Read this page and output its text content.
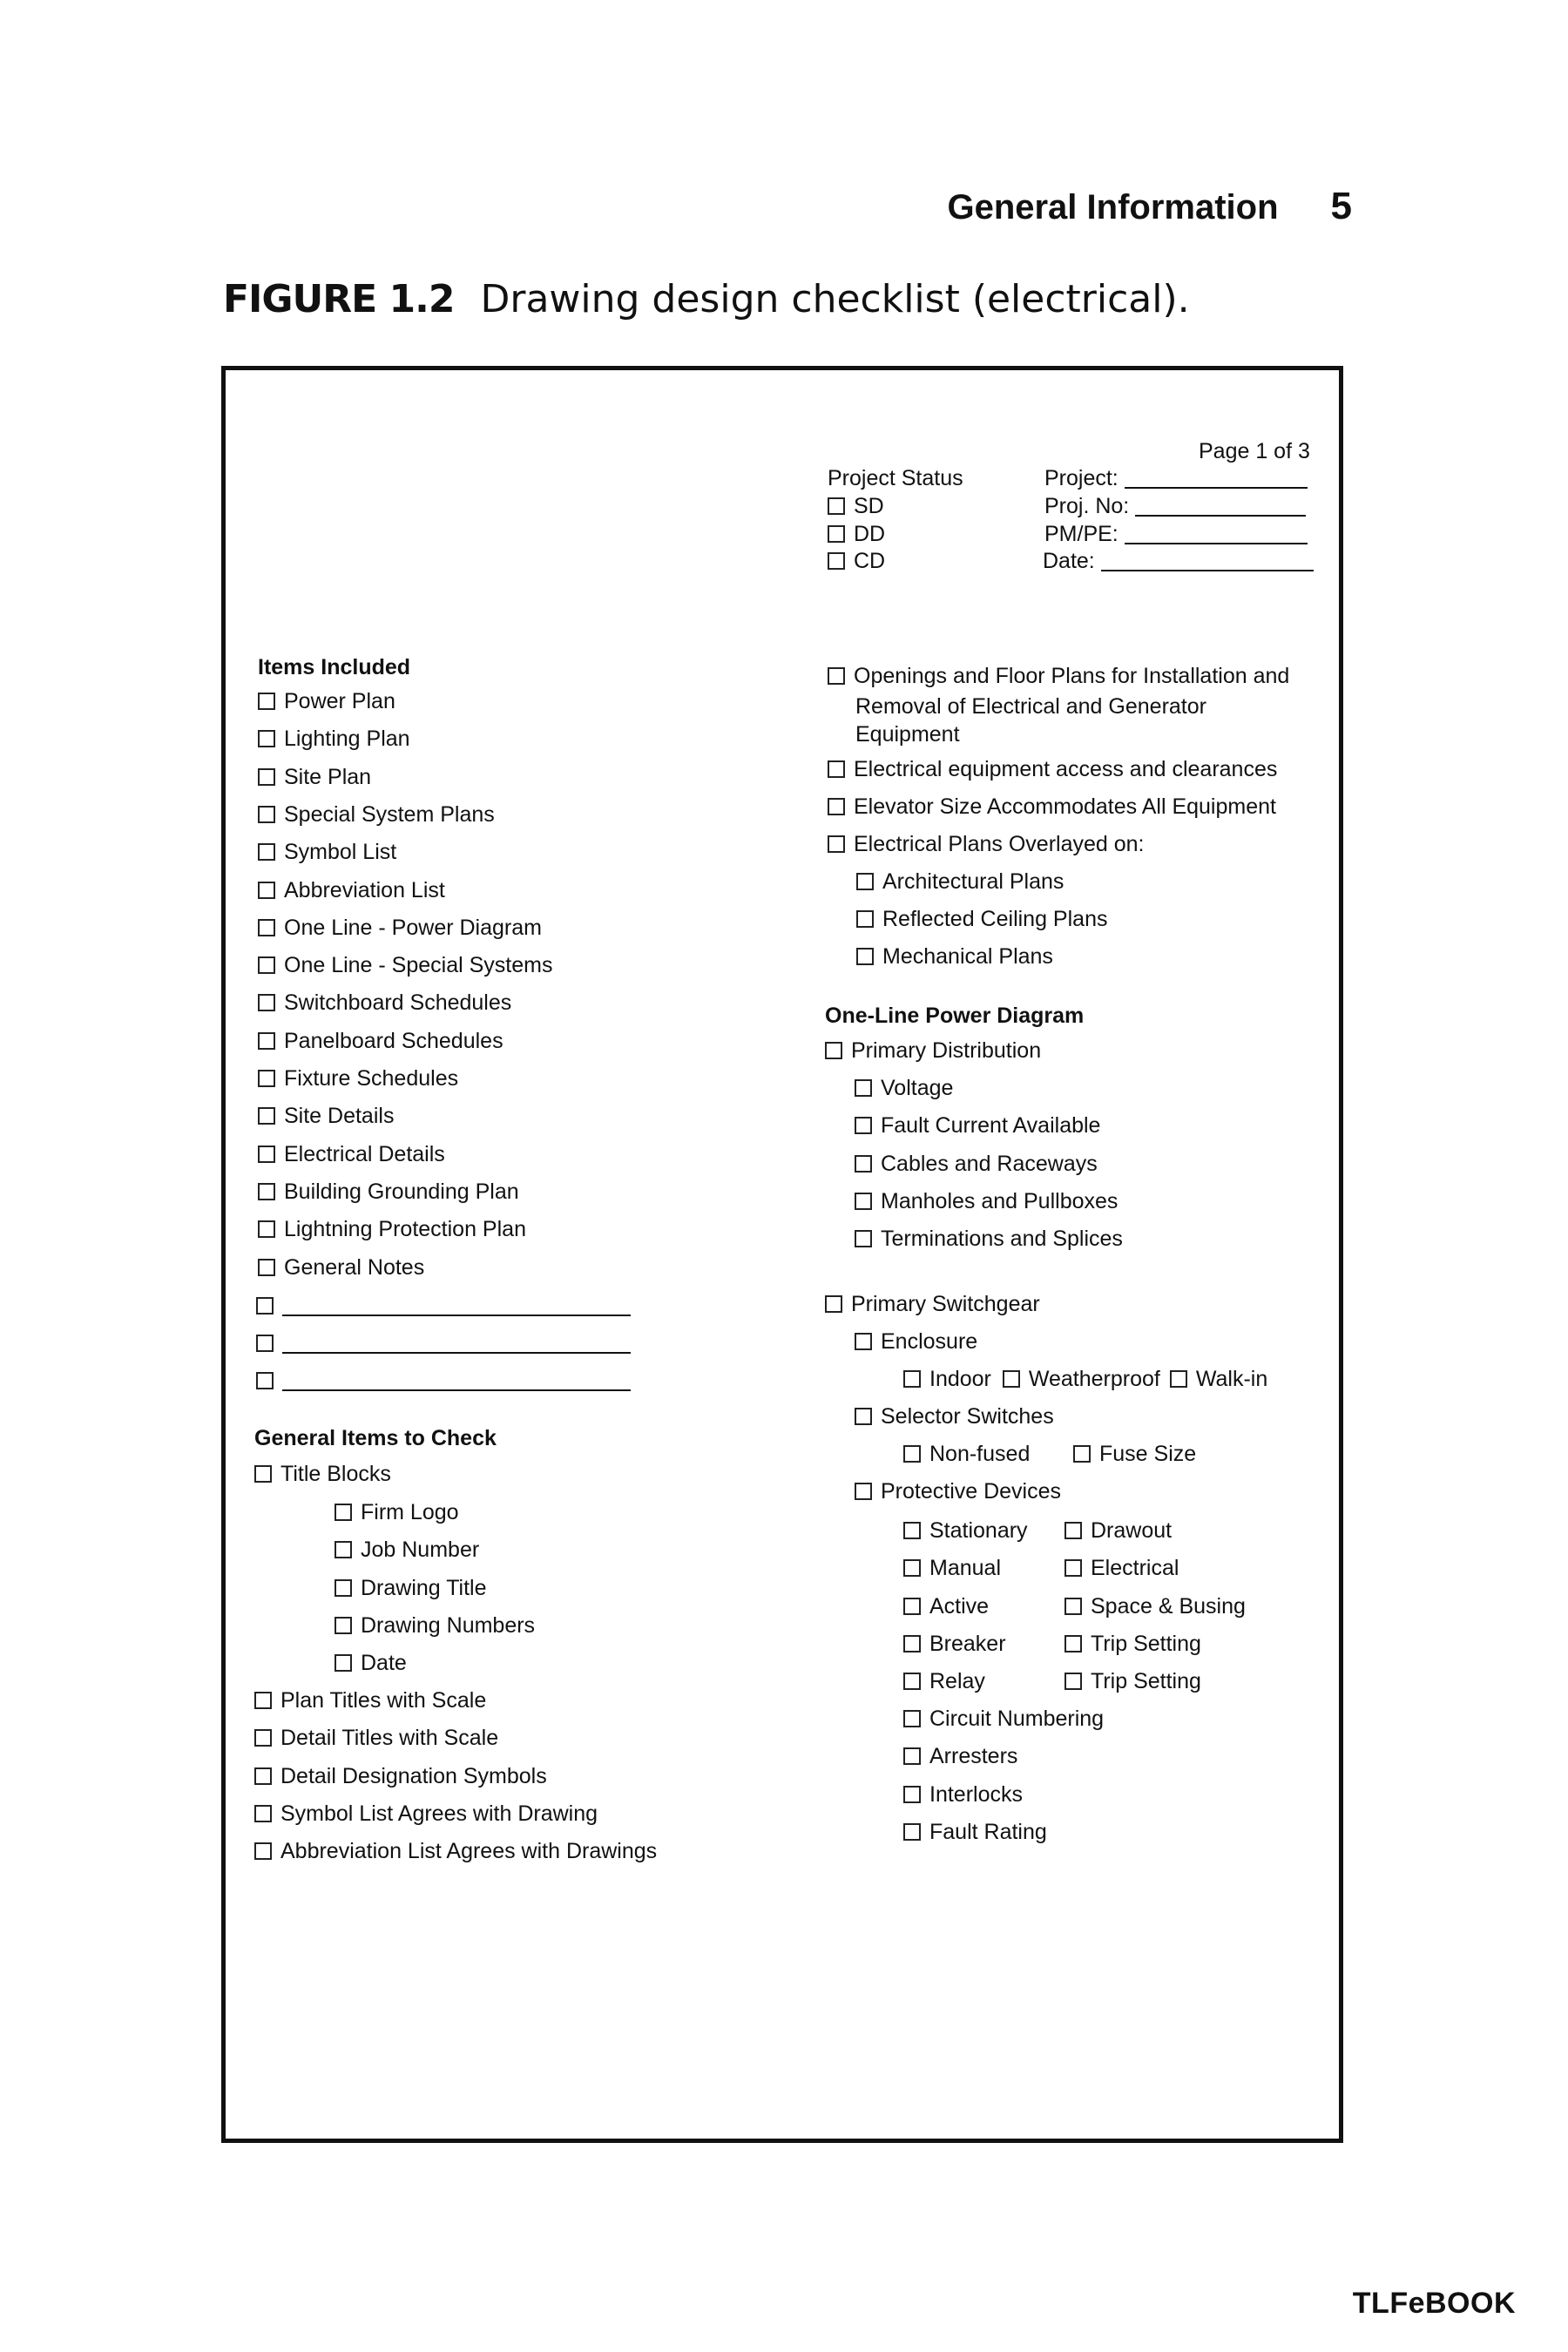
General Information 5
FIGURE 1.2 Drawing design checklist (electrical).
Page 1 of 3
Project Status
SD
DD
CD
Project:
Proj. No:
PM/PE:
Date:
Items Included
Power Plan
Lighting Plan
Site Plan
Special System Plans
Symbol List
Abbreviation List
One Line - Power Diagram
One Line - Special Systems
Switchboard Schedules
Panelboard Schedules
Fixture Schedules
Site Details
Electrical Details
Building Grounding Plan
Lightning Protection Plan
General Notes
General Items to Check
Title Blocks
Firm Logo
Job Number
Drawing Title
Drawing Numbers
Date
Plan Titles with Scale
Detail Titles with Scale
Detail Designation Symbols
Symbol List Agrees with Drawing
Abbreviation List Agrees with Drawings
Openings and Floor Plans for Installation and
Removal of Electrical and Generator
Equipment
Electrical equipment access and clearances
Elevator Size Accommodates All Equipment
Electrical Plans Overlayed on:
Architectural Plans
Reflected Ceiling Plans
Mechanical Plans
One-Line Power Diagram
Primary Distribution
Voltage
Fault Current Available
Cables and Raceways
Manholes and Pullboxes
Terminations and Splices
Primary Switchgear
Enclosure
Indoor Weatherproof Walk-in
Selector Switches
Non-fused	Fuse Size
Protective Devices
Stationary	Drawout
Manual	Electrical
Active	Space & Busing
Breaker	Trip Setting
Relay	Trip Setting
Circuit Numbering
Arresters
Interlocks
Fault Rating
TLFeBOOK
